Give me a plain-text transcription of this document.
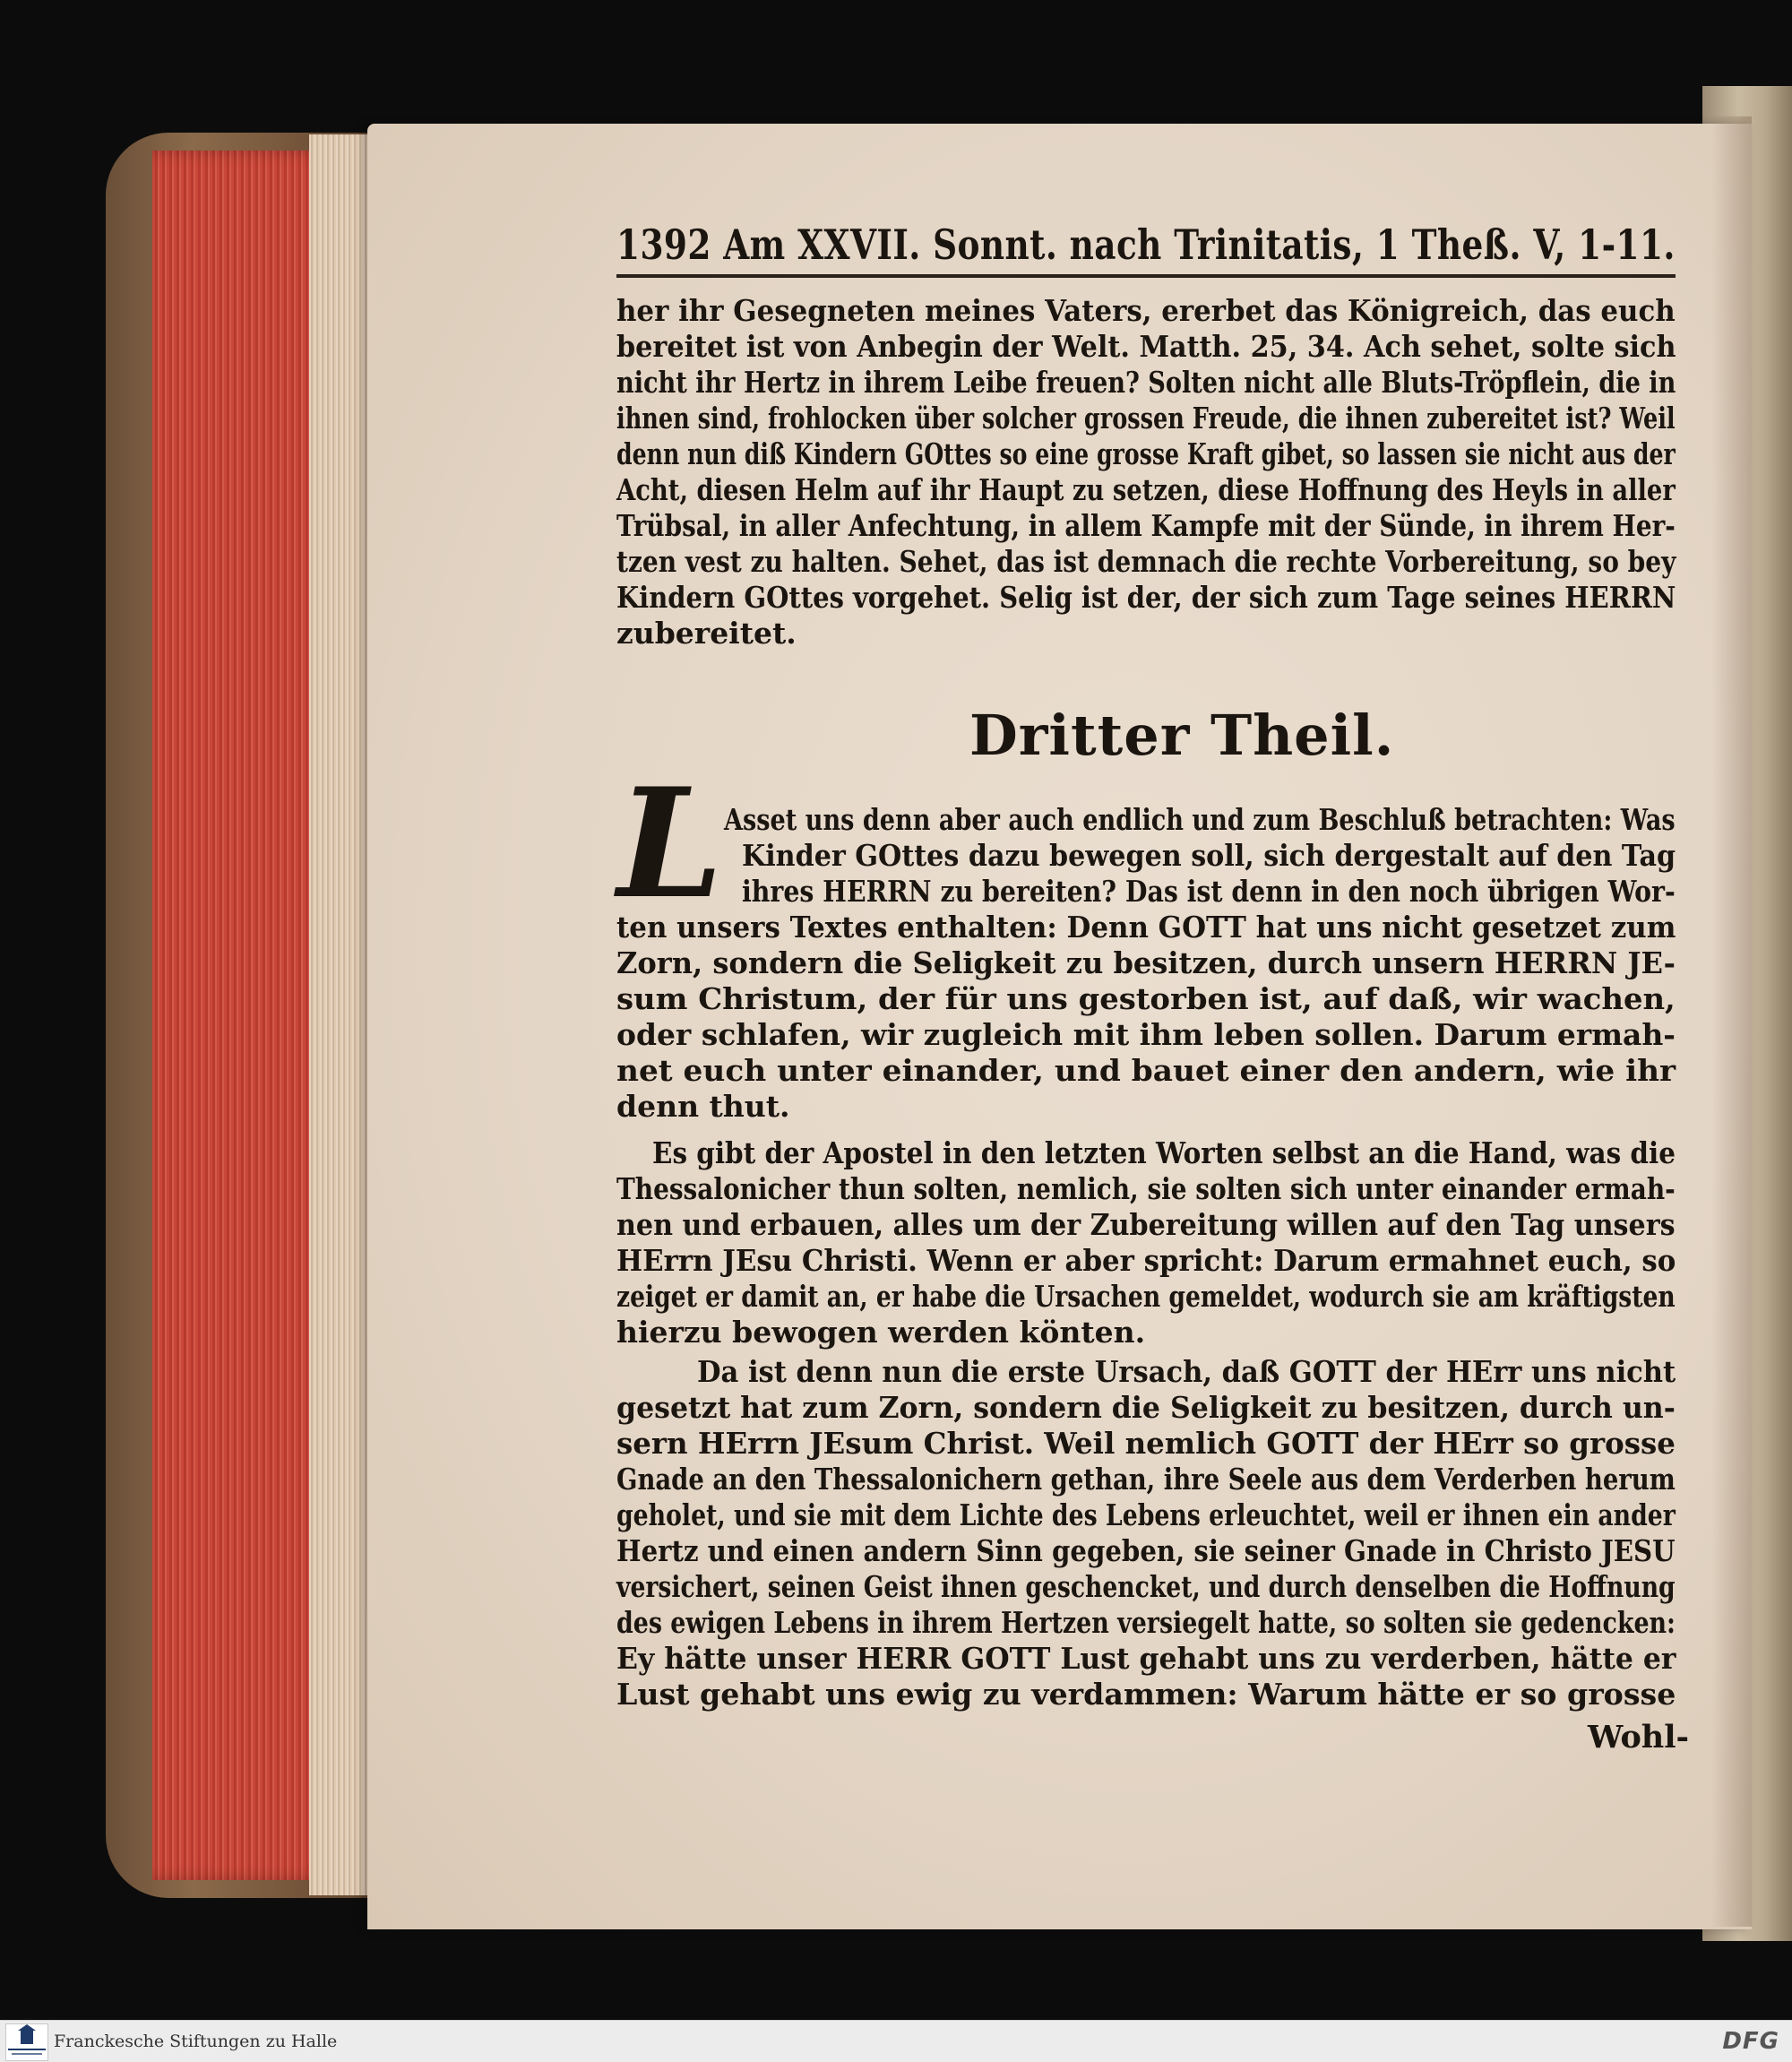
1392 Am XXVII. Sonnt. nach Trinitatis, 1 Theß. V, 1-11.

her ihr Gesegneten meines Vaters, ererbet das Königreich, das euch

bereitet ist von Anbegin der Welt. Matth. 25, 34. Ach sehet, solte sich

nicht ihr Hertz in ihrem Leibe freuen? Solten nicht alle Bluts-Tröpflein, die in

ihnen sind, frohlocken über solcher grossen Freude, die ihnen zubereitet ist? Weil

denn nun diß Kindern GOttes so eine grosse Kraft gibet, so lassen sie nicht aus der

Acht, diesen Helm auf ihr Haupt zu setzen, diese Hoffnung des Heyls in aller

Trübsal, in aller Anfechtung, in allem Kampfe mit der Sünde, in ihrem Her-

tzen vest zu halten. Sehet, das ist demnach die rechte Vorbereitung, so bey

Kindern GOttes vorgehet. Selig ist der, der sich zum Tage seines HERRN

zubereitet.

Dritter Theil.

L Asset uns denn aber auch endlich und zum Beschluß betrachten: Was

Kinder GOttes dazu bewegen soll, sich dergestalt auf den Tag

ihres HERRN zu bereiten? Das ist denn in den noch übrigen Wor-

ten unsers Textes enthalten: Denn GOTT hat uns nicht gesetzet zum

Zorn, sondern die Seligkeit zu besitzen, durch unsern HERRN JE-

sum Christum, der für uns gestorben ist, auf daß, wir wachen,

oder schlafen, wir zugleich mit ihm leben sollen. Darum ermah-

net euch unter einander, und bauet einer den andern, wie ihr

denn thut.

Es gibt der Apostel in den letzten Worten selbst an die Hand, was die

Thessalonicher thun solten, nemlich, sie solten sich unter einander ermah-

nen und erbauen, alles um der Zubereitung willen auf den Tag unsers

HErrn JEsu Christi. Wenn er aber spricht: Darum ermahnet euch, so

zeiget er damit an, er habe die Ursachen gemeldet, wodurch sie am kräftigsten

hierzu bewogen werden könten.

Da ist denn nun die erste Ursach, daß GOTT der HErr uns nicht

gesetzt hat zum Zorn, sondern die Seligkeit zu besitzen, durch un-

sern HErrn JEsum Christ. Weil nemlich GOTT der HErr so grosse

Gnade an den Thessalonichern gethan, ihre Seele aus dem Verderben herum

geholet, und sie mit dem Lichte des Lebens erleuchtet, weil er ihnen ein ander

Hertz und einen andern Sinn gegeben, sie seiner Gnade in Christo JESU

versichert, seinen Geist ihnen geschencket, und durch denselben die Hoffnung

des ewigen Lebens in ihrem Hertzen versiegelt hatte, so solten sie gedencken:

Ey hätte unser HERR GOTT Lust gehabt uns zu verderben, hätte er

Lust gehabt uns ewig zu verdammen: Warum hätte er so grosse

Wohl-

Franckesche Stiftungen zu Halle	DFG
